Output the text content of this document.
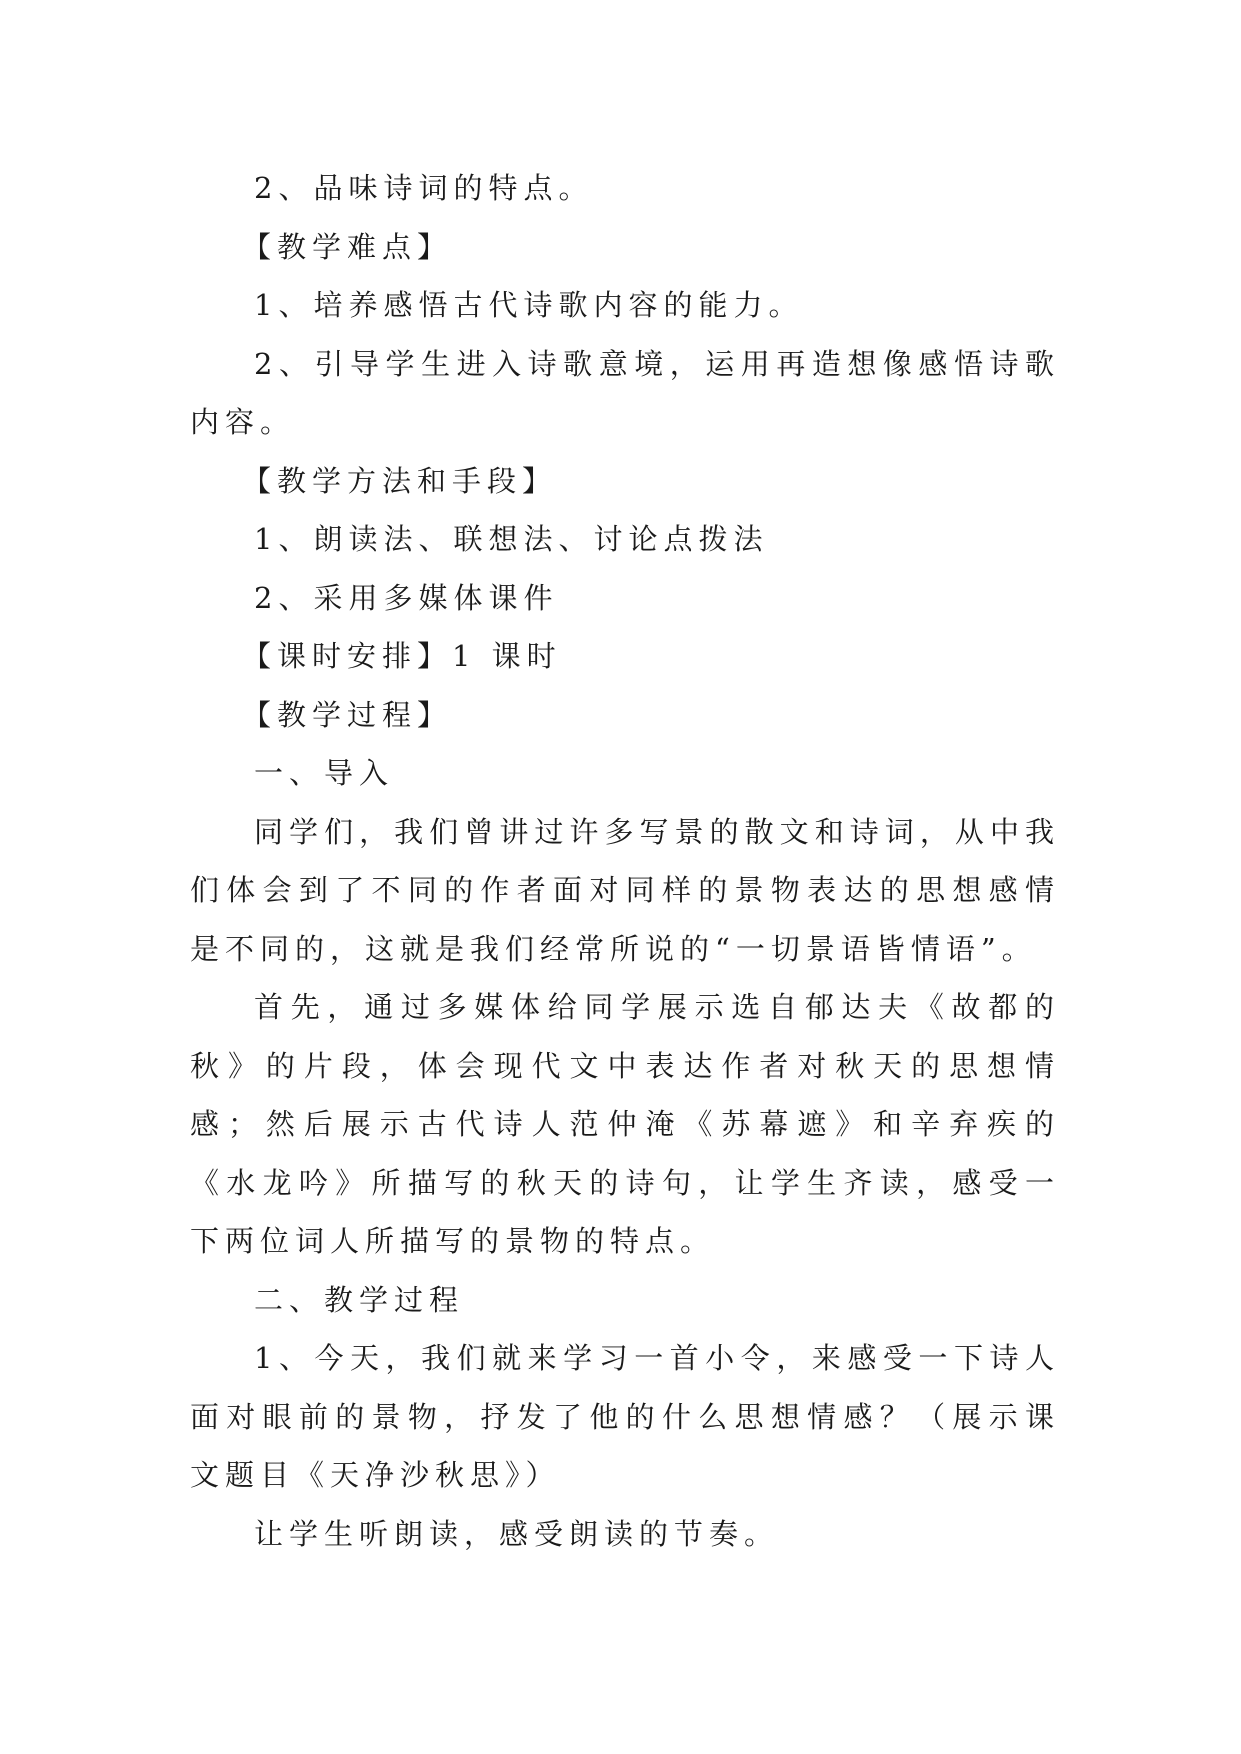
2、品味诗词的特点。

【教学难点】

1、培养感悟古代诗歌内容的能力。

2、引导学生进入诗歌意境，运用再造想像感悟诗歌内容。

【教学方法和手段】

1、朗读法、联想法、讨论点拨法

2、采用多媒体课件

【课时安排】1 课时

【教学过程】

一、导入

同学们，我们曾讲过许多写景的散文和诗词，从中我们体会到了不同的作者面对同样的景物表达的思想感情是不同的，这就是我们经常所说的“一切景语皆情语”。

首先，通过多媒体给同学展示选自郁达夫《故都的秋》的片段，体会现代文中表达作者对秋天的思想情感；然后展示古代诗人范仲淹《苏幕遮》和辛弃疾的《水龙吟》所描写的秋天的诗句，让学生齐读，感受一下两位词人所描写的景物的特点。

二、教学过程

1、今天，我们就来学习一首小令，来感受一下诗人面对眼前的景物，抒发了他的什么思想情感？（展示课文题目《天净沙秋思》）

让学生听朗读，感受朗读的节奏。
